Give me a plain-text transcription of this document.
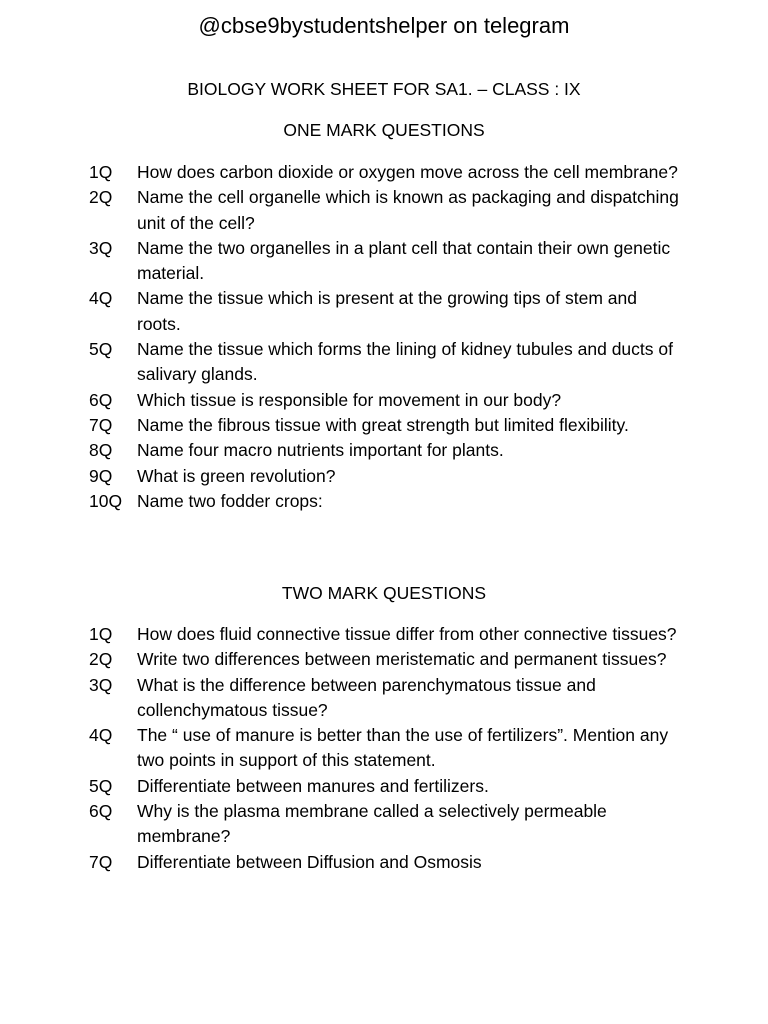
@cbse9bystudentshelper on telegram
BIOLOGY WORK SHEET FOR SA1. – CLASS : IX
ONE MARK QUESTIONS
1Q	How does carbon dioxide or oxygen move across the cell membrane?
2Q	Name the cell organelle which is known as packaging and dispatching unit of the cell?
3Q	Name the two organelles in a plant cell that contain their own genetic material.
4Q	Name the tissue which is present at the growing tips of stem and roots.
5Q	Name the tissue which forms the lining of kidney tubules and ducts of salivary glands.
6Q	Which tissue is responsible for movement in our body?
7Q	Name the fibrous tissue with great strength but limited flexibility.
8Q	Name four macro nutrients important for plants.
9Q	What is green revolution?
10Q Name two fodder crops:
TWO MARK QUESTIONS
1Q	How does fluid connective tissue differ from other connective tissues?
2Q	Write two differences between meristematic and permanent tissues?
3Q	What is the difference between parenchymatous tissue and collenchymatous tissue?
4Q	The “ use of manure is better than the use of fertilizers”. Mention any two points in support of this statement.
5Q	Differentiate between manures and fertilizers.
6Q	Why is the plasma membrane called a selectively permeable membrane?
7Q	Differentiate between Diffusion and Osmosis
